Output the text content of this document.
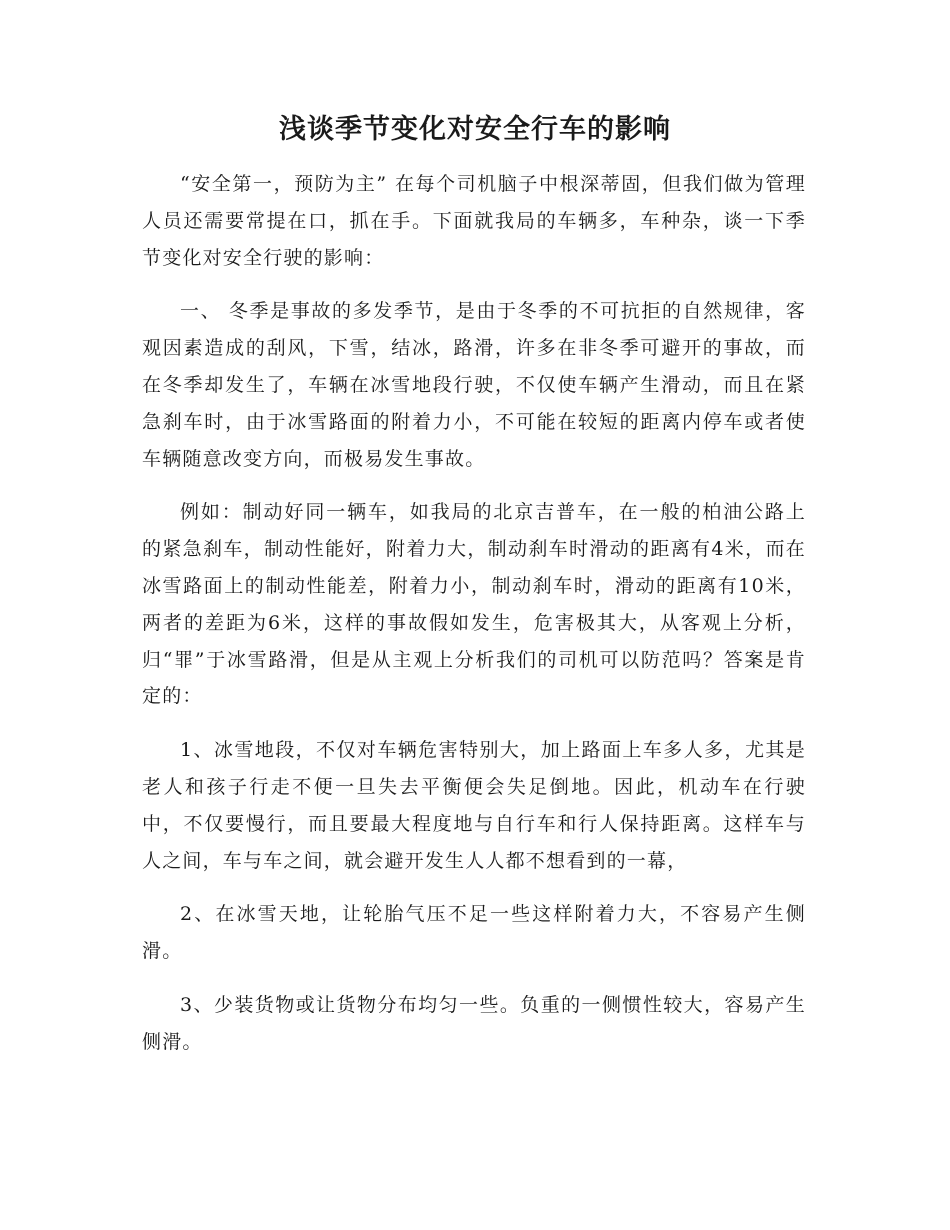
浅谈季节变化对安全行车的影响

“安全第一，预防为主” 在每个司机脑子中根深蒂固，但我们做为管理人员还需要常提在口，抓在手。下面就我局的车辆多，车种杂，谈一下季节变化对安全行驶的影响：

一、 冬季是事故的多发季节，是由于冬季的不可抗拒的自然规律，客观因素造成的刮风，下雪，结冰，路滑，许多在非冬季可避开的事故，而在冬季却发生了，车辆在冰雪地段行驶，不仅使车辆产生滑动，而且在紧急刹车时，由于冰雪路面的附着力小，不可能在较短的距离内停车或者使车辆随意改变方向，而极易发生事故。

例如：制动好同一辆车，如我局的北京吉普车，在一般的柏油公路上的紧急刹车，制动性能好，附着力大，制动刹车时滑动的距离有4米，而在冰雪路面上的制动性能差，附着力小，制动刹车时，滑动的距离有10米，两者的差距为6米，这样的事故假如发生，危害极其大，从客观上分析，归“罪”于冰雪路滑，但是从主观上分析我们的司机可以防范吗？答案是肯定的：

1、冰雪地段，不仅对车辆危害特别大，加上路面上车多人多，尤其是老人和孩子行走不便一旦失去平衡便会失足倒地。因此，机动车在行驶中，不仅要慢行，而且要最大程度地与自行车和行人保持距离。这样车与人之间，车与车之间，就会避开发生人人都不想看到的一幕，

2、在冰雪天地，让轮胎气压不足一些这样附着力大，不容易产生侧滑。

3、少装货物或让货物分布均匀一些。负重的一侧惯性较大，容易产生侧滑。
